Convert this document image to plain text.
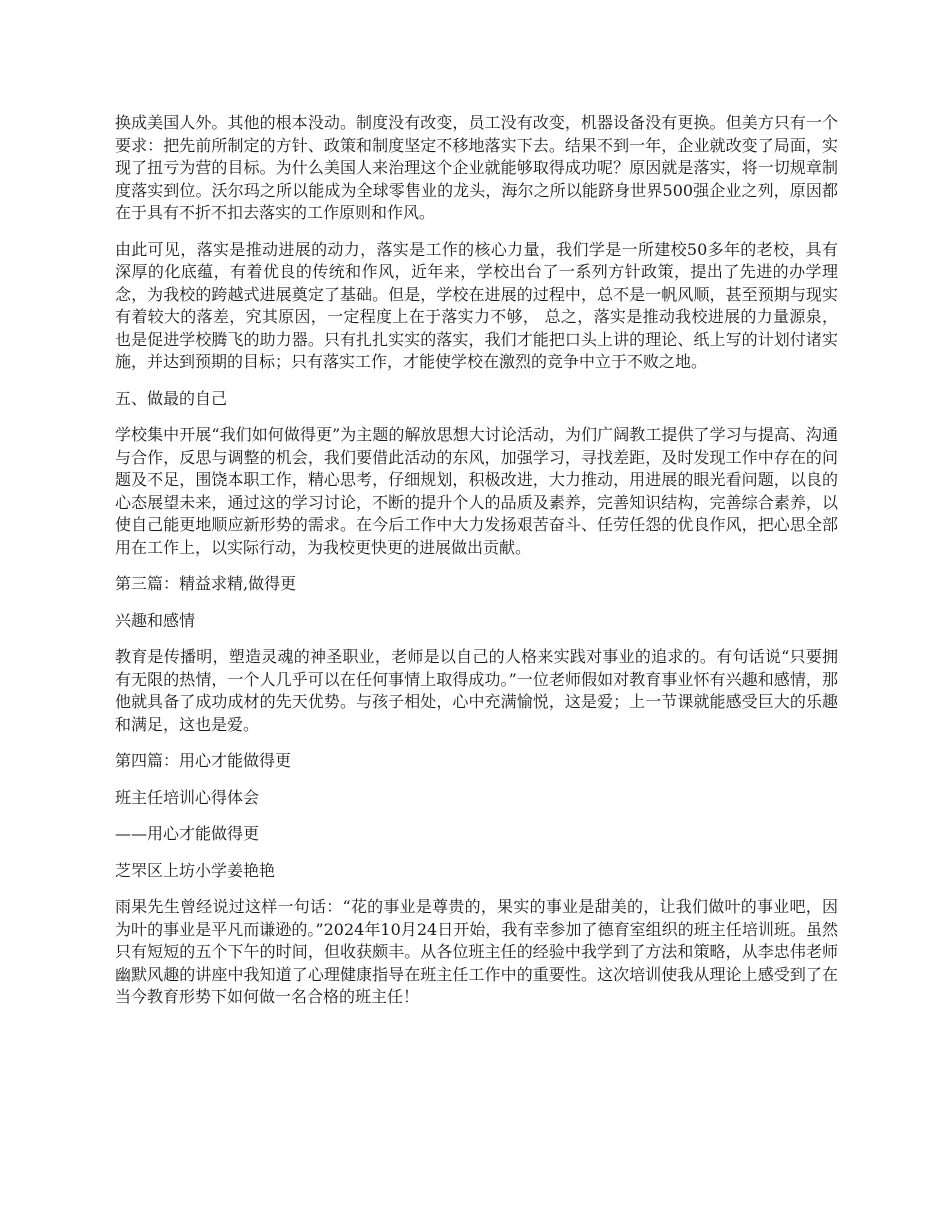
换成美国人外。其他的根本没动。制度没有改变，员工没有改变，机器设备没有更换。但美方只有一个要求：把先前所制定的方针、政策和制度坚定不移地落实下去。结果不到一年，企业就改变了局面，实现了扭亏为营的目标。为什么美国人来治理这个企业就能够取得成功呢？原因就是落实，将一切规章制度落实到位。沃尔玛之所以能成为全球零售业的龙头，海尔之所以能跻身世界500强企业之列，原因都在于具有不折不扣去落实的工作原则和作风。

由此可见，落实是推动进展的动力，落实是工作的核心力量，我们学是一所建校50多年的老校，具有深厚的化底蕴，有着优良的传统和作风，近年来，学校出台了一系列方针政策，提出了先进的办学理念，为我校的跨越式进展奠定了基础。但是，学校在进展的过程中，总不是一帆风顺，甚至预期与现实有着较大的落差，究其原因，一定程度上在于落实力不够， 总之，落实是推动我校进展的力量源泉，也是促进学校腾飞的助力器。只有扎扎实实的落实，我们才能把口头上讲的理论、纸上写的计划付诸实施，并达到预期的目标；只有落实工作，才能使学校在激烈的竞争中立于不败之地。

五、做最的自己

学校集中开展“我们如何做得更”为主题的解放思想大讨论活动，为们广阔教工提供了学习与提高、沟通与合作，反思与调整的机会，我们要借此活动的东风，加强学习，寻找差距，及时发现工作中存在的问题及不足，围饶本职工作，精心思考，仔细规划，积极改进，大力推动，用进展的眼光看问题，以良的心态展望未来，通过这的学习讨论，不断的提升个人的品质及素养，完善知识结构，完善综合素养，以使自己能更地顺应新形势的需求。在今后工作中大力发扬艰苦奋斗、任劳任怨的优良作风，把心思全部用在工作上，以实际行动，为我校更快更的进展做出贡献。

第三篇：精益求精,做得更

兴趣和感情

教育是传播明，塑造灵魂的神圣职业，老师是以自己的人格来实践对事业的追求的。有句话说“只要拥有无限的热情，一个人几乎可以在任何事情上取得成功。”一位老师假如对教育事业怀有兴趣和感情，那他就具备了成功成材的先天优势。与孩子相处，心中充满愉悦，这是爱；上一节课就能感受巨大的乐趣和满足，这也是爱。

第四篇：用心才能做得更

班主任培训心得体会

——用心才能做得更

芝罘区上坊小学姜艳艳

雨果先生曾经说过这样一句话：“花的事业是尊贵的，果实的事业是甜美的，让我们做叶的事业吧，因为叶的事业是平凡而谦逊的。”2024年10月24日开始，我有幸参加了德育室组织的班主任培训班。虽然只有短短的五个下午的时间，但收获颇丰。从各位班主任的经验中我学到了方法和策略，从李忠伟老师幽默风趣的讲座中我知道了心理健康指导在班主任工作中的重要性。这次培训使我从理论上感受到了在当今教育形势下如何做一名合格的班主任！
